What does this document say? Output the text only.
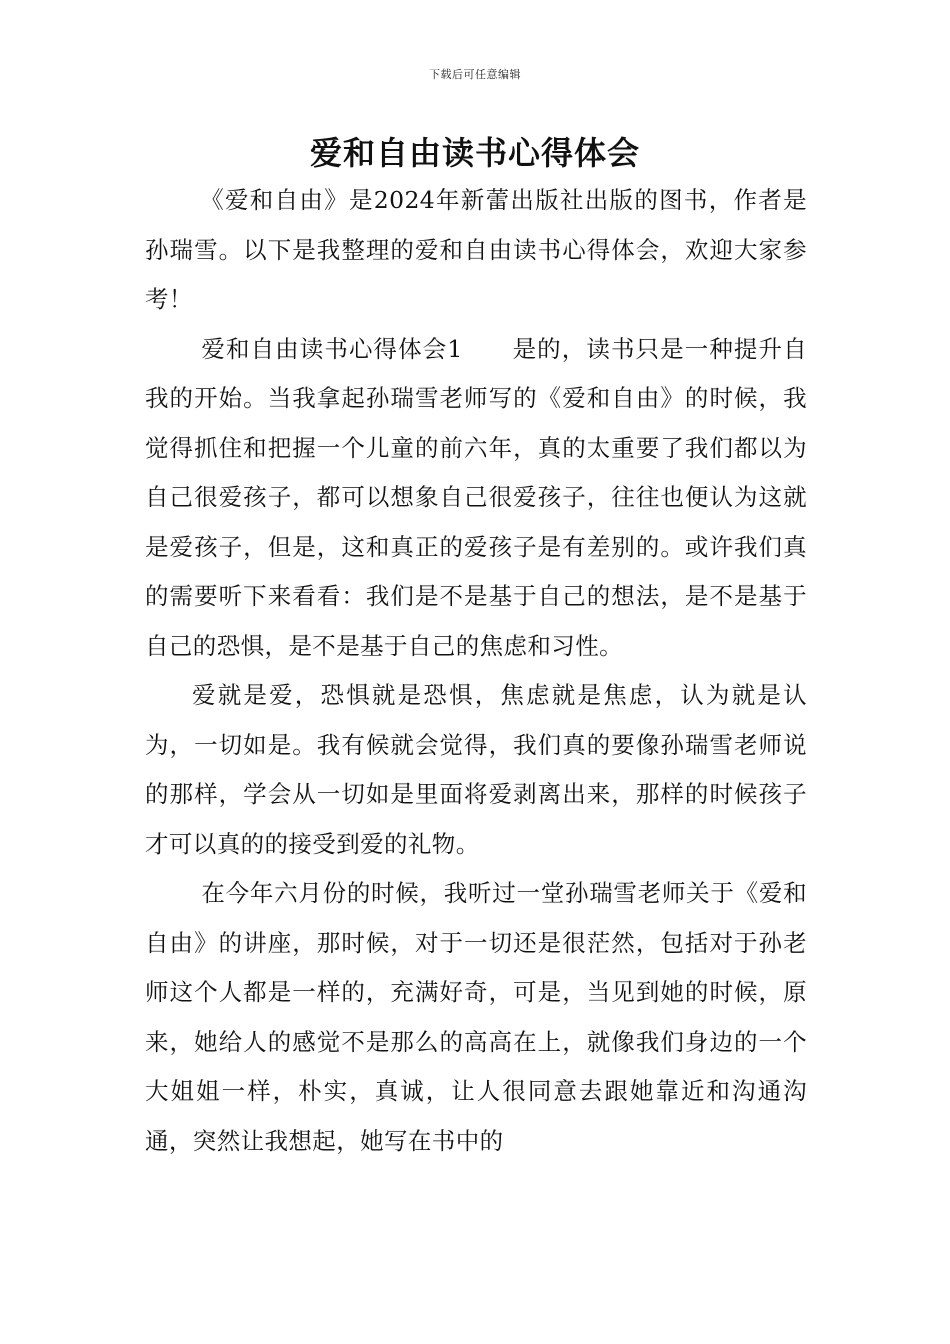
下载后可任意编辑
爱和自由读书心得体会

《爱和自由》是2024年新蕾出版社出版的图书，作者是孙瑞雪。以下是我整理的爱和自由读书心得体会，欢迎大家参考！

爱和自由读书心得体会1　　是的，读书只是一种提升自我的开始。当我拿起孙瑞雪老师写的《爱和自由》的时候，我觉得抓住和把握一个儿童的前六年，真的太重要了我们都以为自己很爱孩子，都可以想象自己很爱孩子，往往也便认为这就是爱孩子，但是，这和真正的爱孩子是有差别的。或许我们真的需要听下来看看：我们是不是基于自己的想法，是不是基于自己的恐惧，是不是基于自己的焦虑和习性。

爱就是爱，恐惧就是恐惧，焦虑就是焦虑，认为就是认为，一切如是。我有候就会觉得，我们真的要像孙瑞雪老师说的那样，学会从一切如是里面将爱剥离出来，那样的时候孩子才可以真的的接受到爱的礼物。

在今年六月份的时候，我听过一堂孙瑞雪老师关于《爱和自由》的讲座，那时候，对于一切还是很茫然，包括对于孙老师这个人都是一样的，充满好奇，可是，当见到她的时候，原来，她给人的感觉不是那么的高高在上，就像我们身边的一个大姐姐一样，朴实，真诚，让人很同意去跟她靠近和沟通沟通，突然让我想起，她写在书中的
